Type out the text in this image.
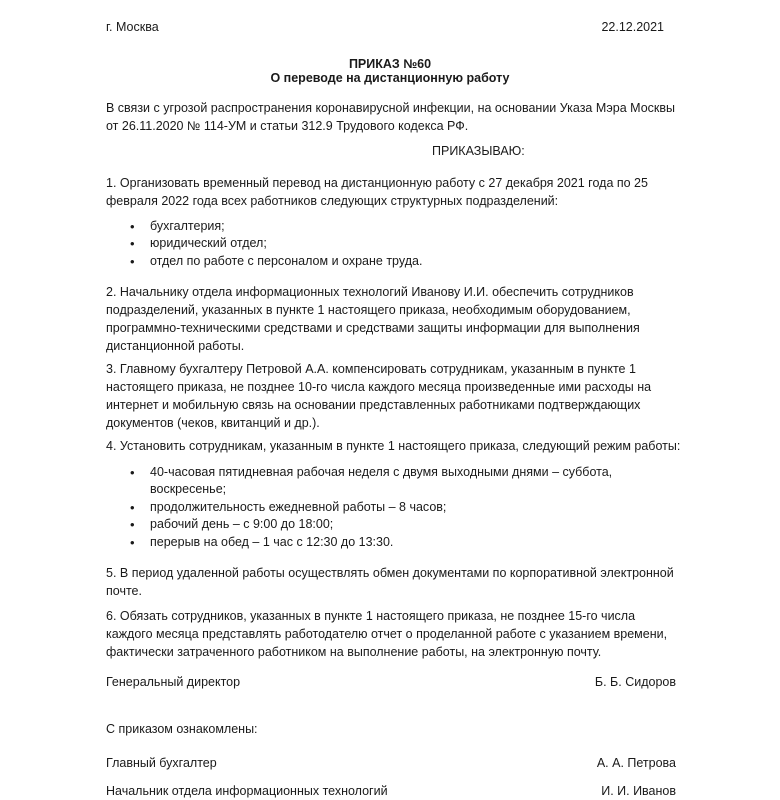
г. Москва	22.12.2021
ПРИКАЗ №60
О переводе на дистанционную работу
В связи с угрозой распространения коронавирусной инфекции, на основании Указа Мэра Москвы от 26.11.2020 № 114-УМ и статьи 312.9 Трудового кодекса РФ.
ПРИКАЗЫВАЮ:
1. Организовать временный перевод на дистанционную работу с 27 декабря 2021 года по 25 февраля 2022 года всех работников следующих структурных подразделений:
• бухгалтерия;
• юридический отдел;
• отдел по работе с персоналом и охране труда.
2. Начальнику отдела информационных технологий Иванову И.И. обеспечить сотрудников подразделений, указанных в пункте 1 настоящего приказа, необходимым оборудованием, программно-техническими средствами и средствами защиты информации для выполнения дистанционной работы.
3. Главному бухгалтеру Петровой А.А. компенсировать сотрудникам, указанным в пункте 1 настоящего приказа, не позднее 10-го числа каждого месяца произведенные ими расходы на интернет и мобильную связь на основании представленных работниками подтверждающих документов (чеков, квитанций и др.).
4. Установить сотрудникам, указанным в пункте 1 настоящего приказа, следующий режим работы:
• 40-часовая пятидневная рабочая неделя с двумя выходными днями – суббота, воскресенье;
• продолжительность ежедневной работы – 8 часов;
• рабочий день – с 9:00 до 18:00;
• перерыв на обед – 1 час с 12:30 до 13:30.
5. В период удаленной работы осуществлять обмен документами по корпоративной электронной почте.
6. Обязать сотрудников, указанных в пункте 1 настоящего приказа, не позднее 15-го числа каждого месяца представлять работодателю отчет о проделанной работе с указанием времени, фактически затраченного работником на выполнение работы, на электронную почту.
Генеральный директор	Б. Б. Сидоров
С приказом ознакомлены:
Главный бухгалтер	А. А. Петрова
Начальник отдела информационных технологий	И. И. Иванов
